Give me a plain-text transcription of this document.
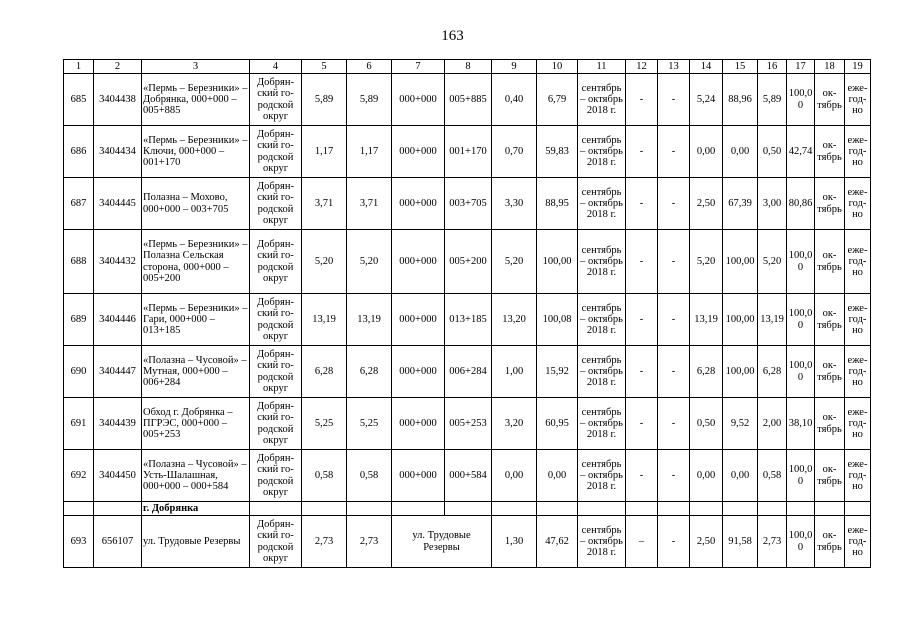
163
1	2	3	4	5	6	7	8	9	10	11	12	13	14	15	16	17	18	19
685	3404438	«Пермь – Березники» – Добрянка, 000+000 – 005+885	Добрян-ский го-родской округ	5,89	5,89	000+000	005+885	0,40	6,79	сентябрь – октябрь 2018 г.	-	-	5,24	88,96	5,89	100,0 0	ок-тябрь	еже-год-но
686	3404434	«Пермь – Березники» – Ключи, 000+000 – 001+170	Добрян-ский го-родской округ	1,17	1,17	000+000	001+170	0,70	59,83	сентябрь – октябрь 2018 г.	-	-	0,00	0,00	0,50	42,74	ок-тябрь	еже-год-но
687	3404445	Полазна – Мохово, 000+000 – 003+705	Добрян-ский го-родской округ	3,71	3,71	000+000	003+705	3,30	88,95	сентябрь – октябрь 2018 г.	-	-	2,50	67,39	3,00	80,86	ок-тябрь	еже-год-но
688	3404432	«Пермь – Березники» – Полазна Сельская сторона, 000+000 – 005+200	Добрян-ский го-родской округ	5,20	5,20	000+000	005+200	5,20	100,00	сентябрь – октябрь 2018 г.	-	-	5,20	100,00	5,20	100,0 0	ок-тябрь	еже-год-но
689	3404446	«Пермь – Березники» – Гари, 000+000 – 013+185	Добрян-ский го-родской округ	13,19	13,19	000+000	013+185	13,20	100,08	сентябрь – октябрь 2018 г.	-	-	13,19	100,00	13,19	100,0 0	ок-тябрь	еже-год-но
690	3404447	«Полазна – Чусовой» – Мутная, 000+000 – 006+284	Добрян-ский го-родской округ	6,28	6,28	000+000	006+284	1,00	15,92	сентябрь – октябрь 2018 г.	-	-	6,28	100,00	6,28	100,0 0	ок-тябрь	еже-год-но
691	3404439	Обход г. Добрянка – ПГРЭС, 000+000 – 005+253	Добрян-ский го-родской округ	5,25	5,25	000+000	005+253	3,20	60,95	сентябрь – октябрь 2018 г.	-	-	0,50	9,52	2,00	38,10	ок-тябрь	еже-год-но
692	3404450	«Полазна – Чусовой» – Усть-Шалашная, 000+000 – 000+584	Добрян-ский го-родской округ	0,58	0,58	000+000	000+584	0,00	0,00	сентябрь – октябрь 2018 г.	-	-	0,00	0,00	0,58	100,0 0	ок-тябрь	еже-год-но
		г. Добрянка																
693	656107	ул. Трудовые Резервы	Добрян-ский го-родской округ	2,73	2,73	ул. Трудовые Резервы		1,30	47,62	сентябрь – октябрь 2018 г.	–	-	2,50	91,58	2,73	100,0 0	ок-тябрь	еже-год-но
